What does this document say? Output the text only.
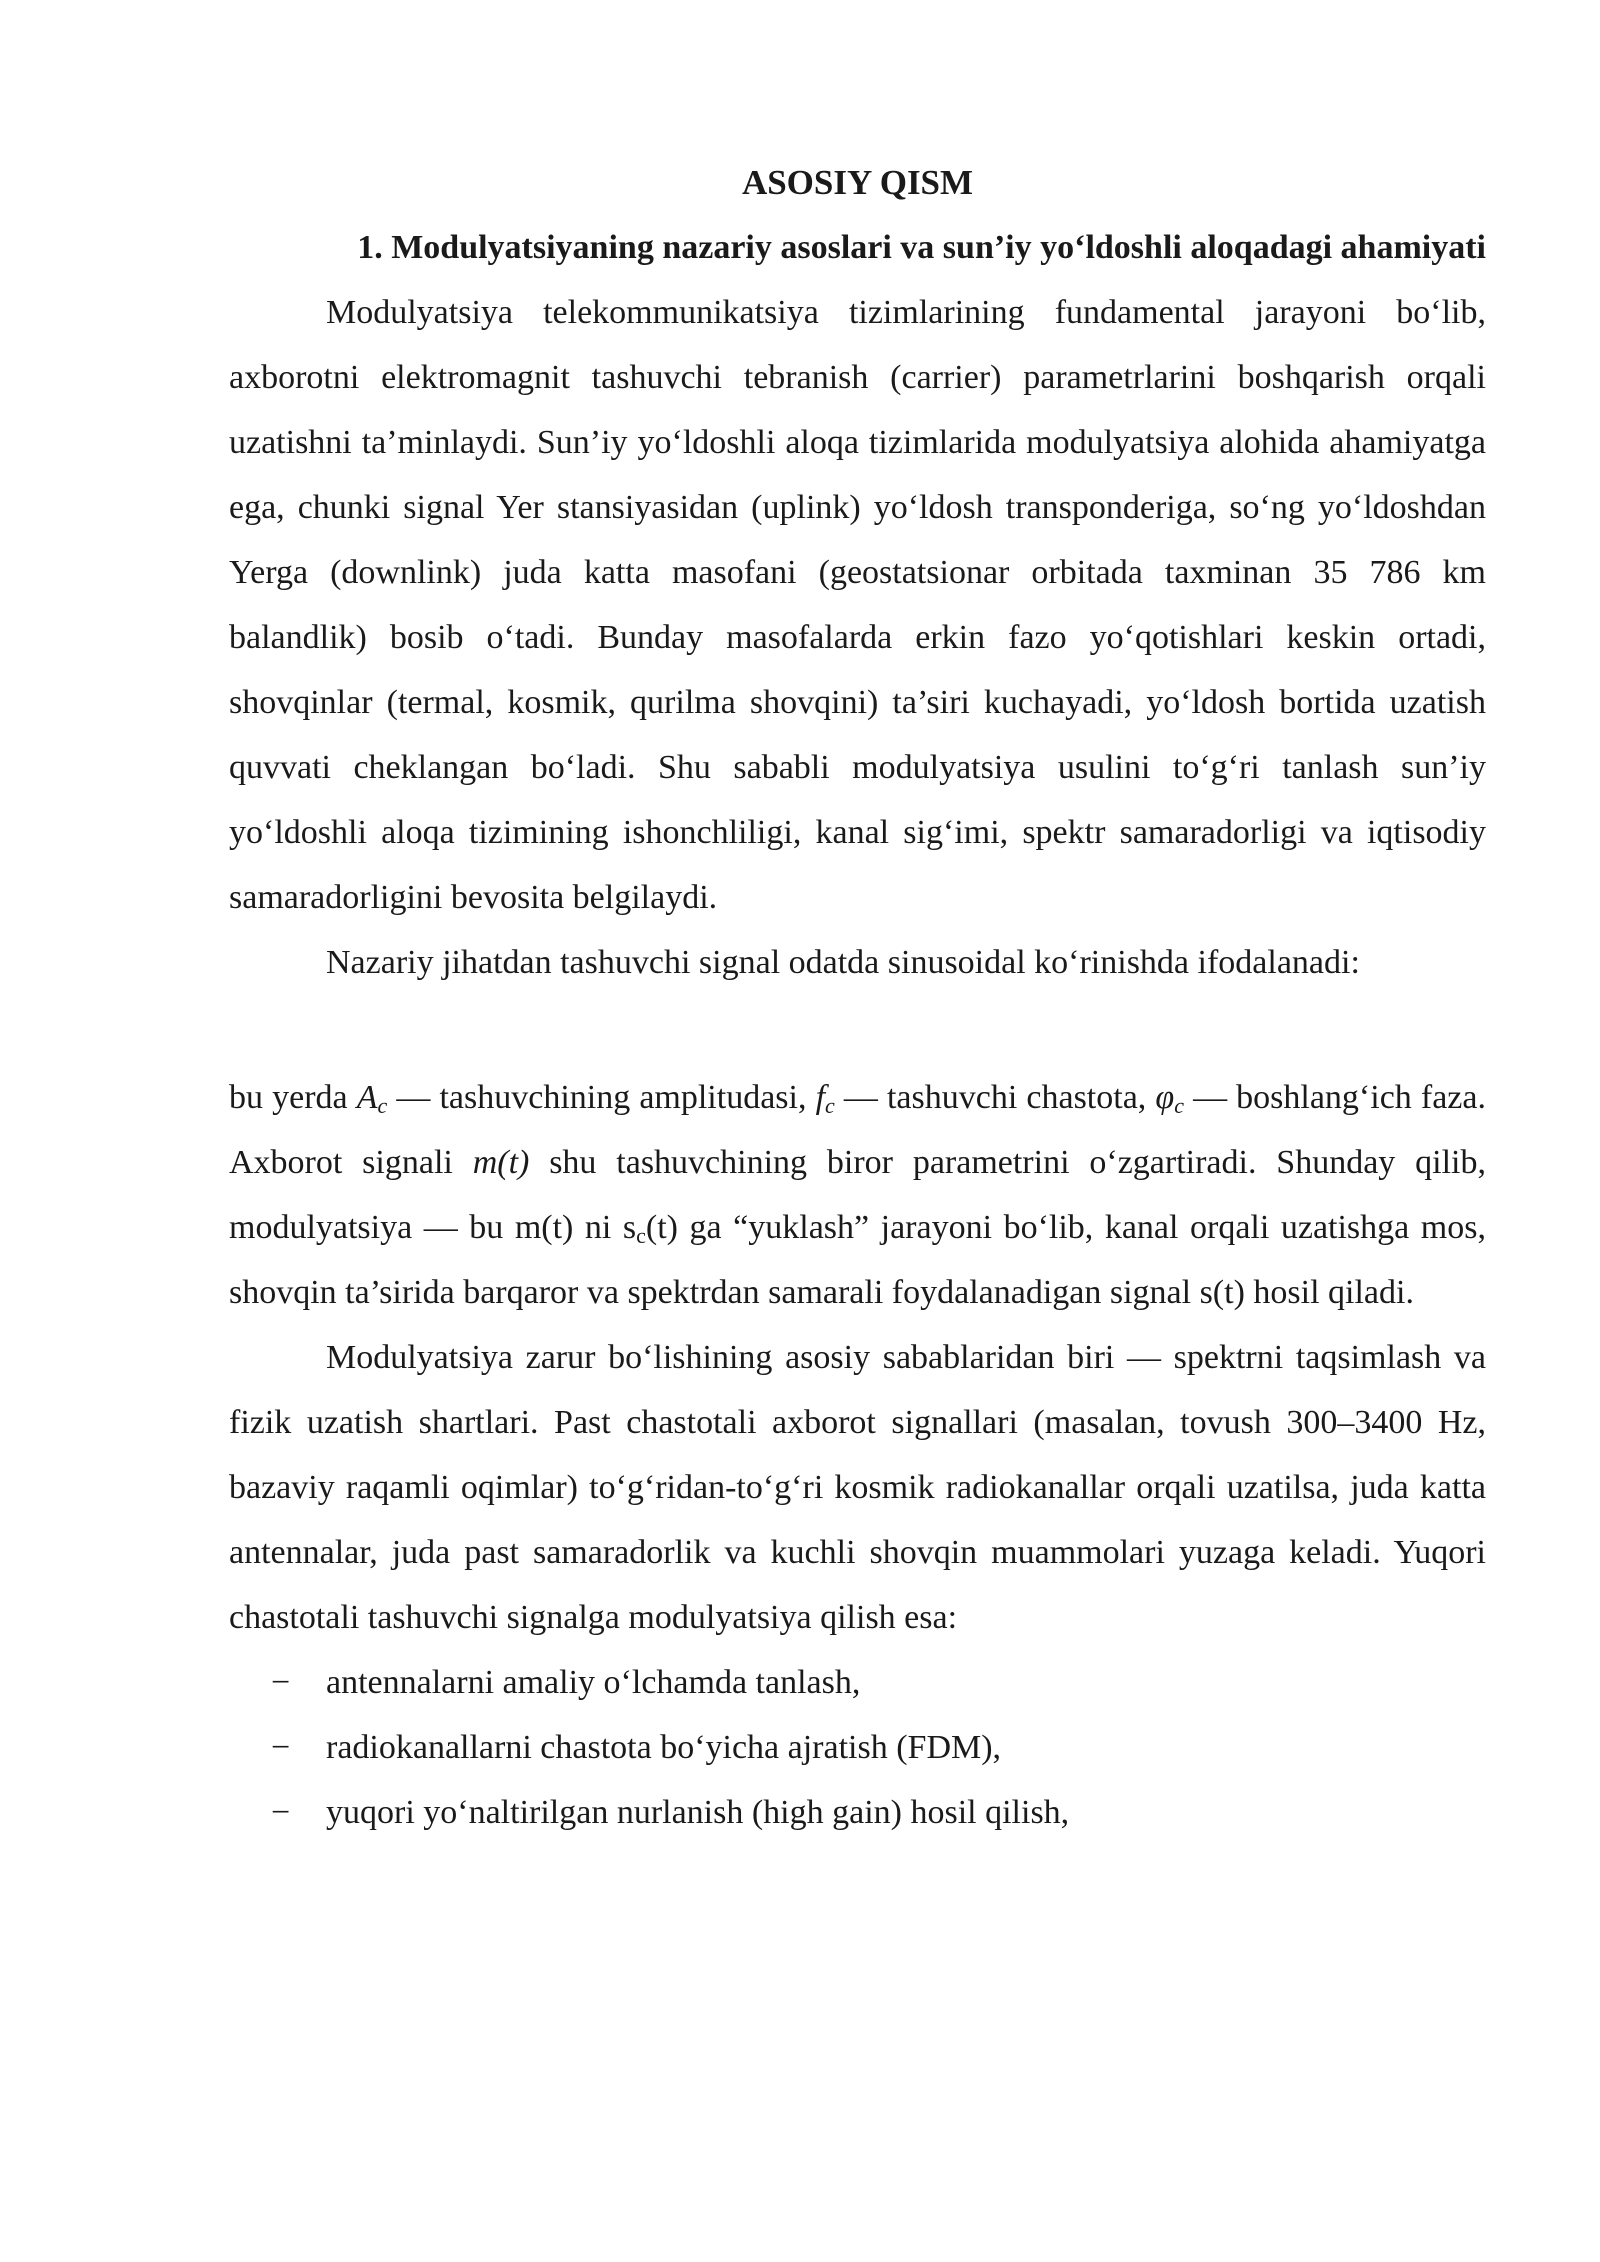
ASOSIY QISM

1. Modulyatsiyaning nazariy asoslari va sun’iy yo‘ldoshli aloqadagi ahamiyati

Modulyatsiya telekommunikatsiya tizimlarining fundamental jarayoni bo‘lib, axborotni elektromagnit tashuvchi tebranish (carrier) parametrlarini boshqarish orqali uzatishni ta’minlaydi. Sun’iy yo‘ldoshli aloqa tizimlarida modulyatsiya alohida ahamiyatga ega, chunki signal Yer stansiyasidan (uplink) yo‘ldosh transponderiga, so‘ng yo‘ldoshdan Yerga (downlink) juda katta masofani (geostatsionar orbitada taxminan 35 786 km balandlik) bosib o‘tadi. Bunday masofalarda erkin fazo yo‘qotishlari keskin ortadi, shovqinlar (termal, kosmik, qurilma shovqini) ta’siri kuchayadi, yo‘ldosh bortida uzatish quvvati cheklangan bo‘ladi. Shu sababli modulyatsiya usulini to‘g‘ri tanlash sun’iy yo‘ldoshli aloqa tizimining ishonchliligi, kanal sig‘imi, spektr samaradorligi va iqtisodiy samaradorligini bevosita belgilaydi.

Nazariy jihatdan tashuvchi signal odatda sinusoidal ko‘rinishda ifodalanadi:

bu yerda $A_c$ — tashuvchining amplitudasi, $f_c$ — tashuvchi chastota, $\varphi_c$ — boshlang‘ich faza. Axborot signali m(t) shu tashuvchining biror parametrini o‘zgartiradi. Shunday qilib, modulyatsiya — bu m(t) ni $s_c(t)$ ga “yuklash” jarayoni bo‘lib, kanal orqali uzatishga mos, shovqin ta’sirida barqaror va spektrdan samarali foydalanadigan signal s(t) hosil qiladi.

Modulyatsiya zarur bo‘lishining asosiy sabablaridan biri — spektrni taqsimlash va fizik uzatish shartlari. Past chastotali axborot signallari (masalan, tovush 300–3400 Hz, bazaviy raqamli oqimlar) to‘g‘ridan-to‘g‘ri kosmik radiokanallar orqali uzatilsa, juda katta antennalar, juda past samaradorlik va kuchli shovqin muammolari yuzaga keladi. Yuqori chastotali tashuvchi signalga modulyatsiya qilish esa:

− antennalarni amaliy o‘lchamda tanlash,
− radiokanallarni chastota bo‘yicha ajratish (FDM),
− yuqori yo‘naltirilgan nurlanish (high gain) hosil qilish,
